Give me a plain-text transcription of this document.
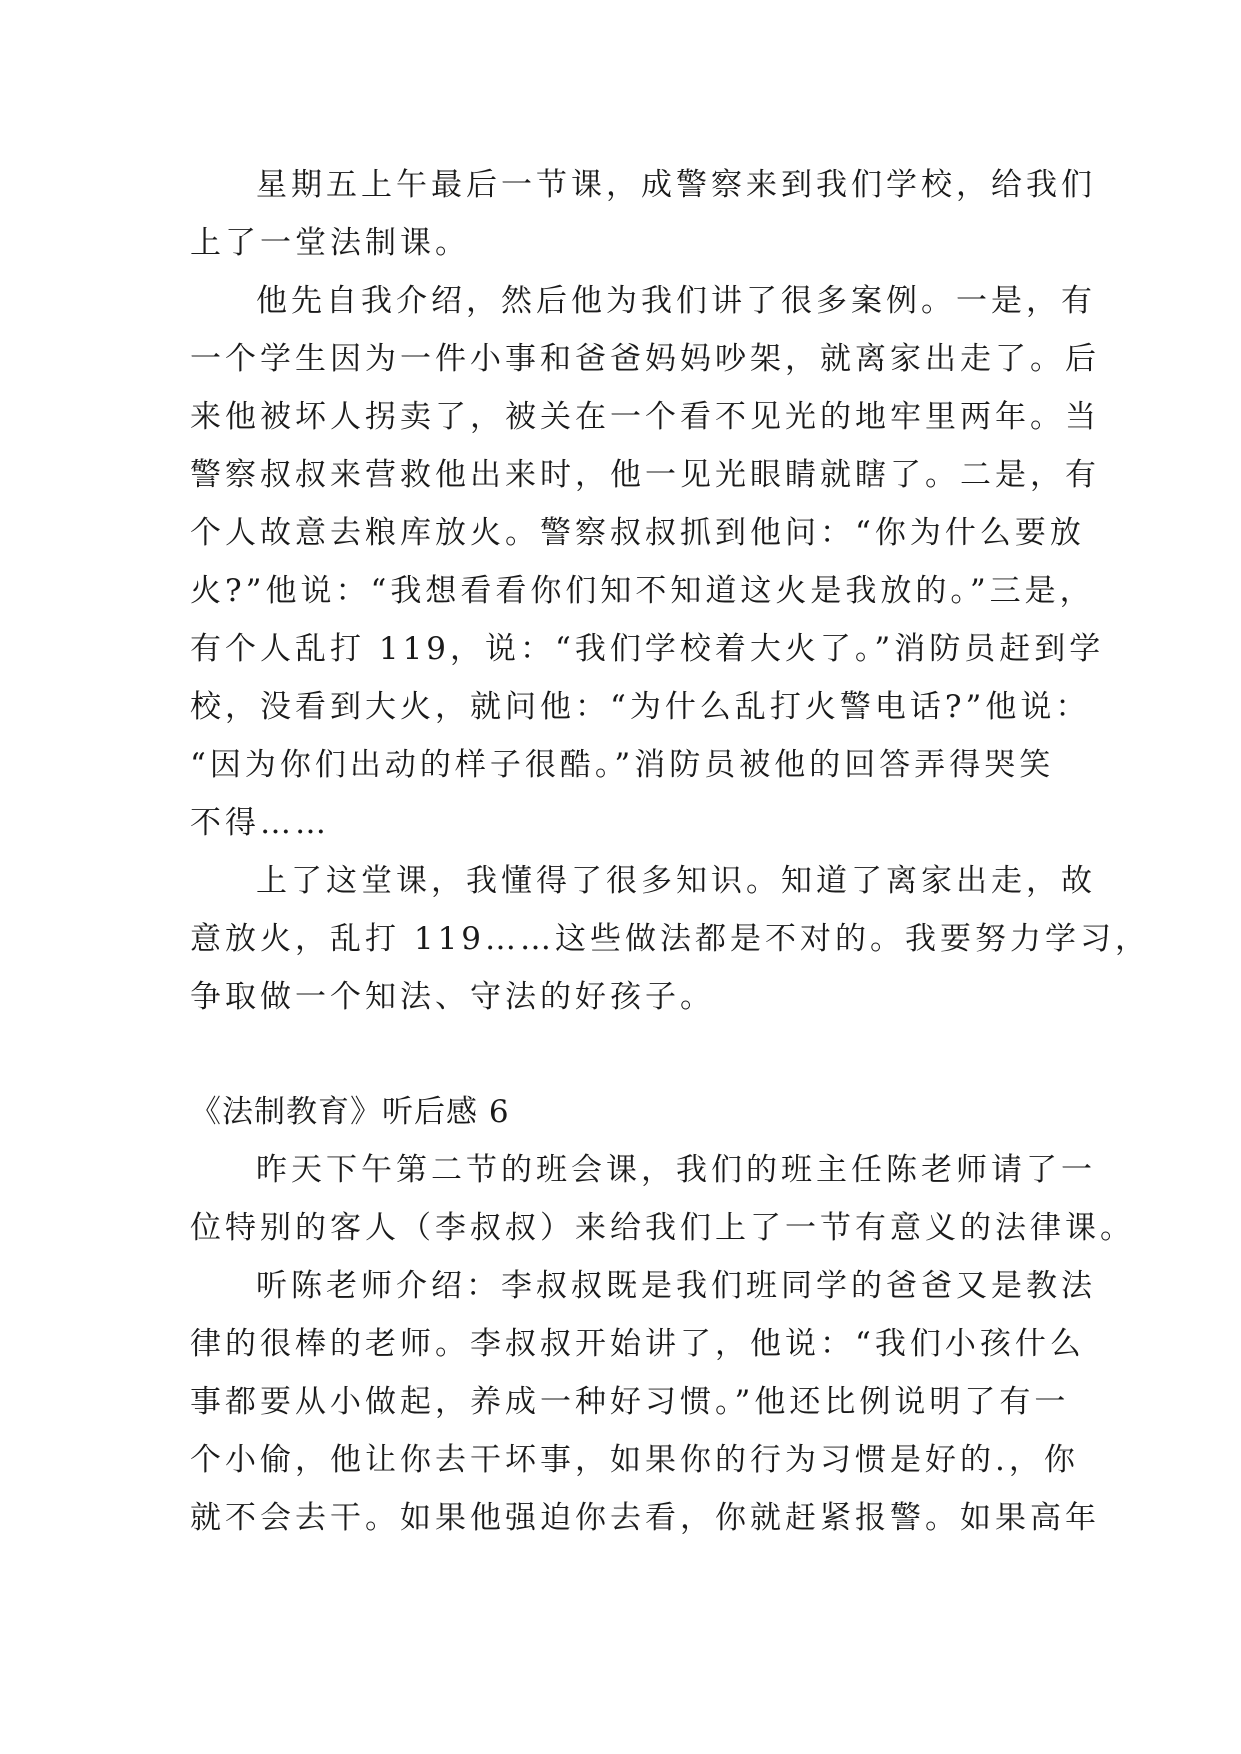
星期五上午最后一节课，成警察来到我们学校，给我们
上了一堂法制课。
他先自我介绍，然后他为我们讲了很多案例。一是，有
一个学生因为一件小事和爸爸妈妈吵架，就离家出走了。后
来他被坏人拐卖了，被关在一个看不见光的地牢里两年。当
警察叔叔来营救他出来时，他一见光眼睛就瞎了。二是，有
个人故意去粮库放火。警察叔叔抓到他问：“你为什么要放
火?”他说：“我想看看你们知不知道这火是我放的。”三是，
有个人乱打 119，说：“我们学校着大火了。”消防员赶到学
校，没看到大火，就问他：“为什么乱打火警电话?”他说：
“因为你们出动的样子很酷。”消防员被他的回答弄得哭笑
不得……
上了这堂课，我懂得了很多知识。知道了离家出走，故
意放火，乱打 119……这些做法都是不对的。我要努力学习，
争取做一个知法、守法的好孩子。
《法制教育》听后感 6
昨天下午第二节的班会课，我们的班主任陈老师请了一
位特别的客人（李叔叔）来给我们上了一节有意义的法律课。
听陈老师介绍：李叔叔既是我们班同学的爸爸又是教法
律的很棒的老师。李叔叔开始讲了，他说：“我们小孩什么
事都要从小做起，养成一种好习惯。”他还比例说明了有一
个小偷，他让你去干坏事，如果你的行为习惯是好的.，你
就不会去干。如果他强迫你去看，你就赶紧报警。如果高年
